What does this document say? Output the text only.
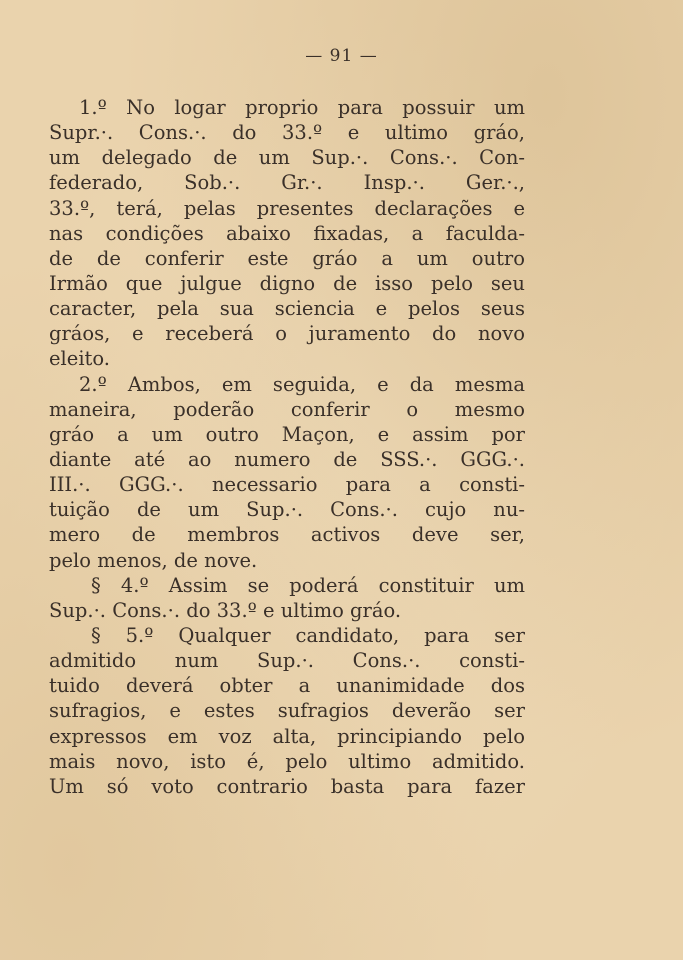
— 91 —
1.º No logar proprio para possuir um
Supr.·. Cons.·. do 33.º e ultimo gráo,
um delegado de um Sup.·. Cons.·. Con-
federado, Sob.·. Gr.·. Insp.·. Ger.·.,
33.º, terá, pelas presentes declarações e
nas condições abaixo fixadas, a faculda-
de de conferir este gráo a um outro
Irmão que julgue digno de isso pelo seu
caracter, pela sua sciencia e pelos seus
gráos, e receberá o juramento do novo
eleito.
2.º Ambos, em seguida, e da mesma
maneira, poderão conferir o mesmo
gráo a um outro Maçon, e assim por
diante até ao numero de SSS.·. GGG.·.
III.·. GGG.·. necessario para a consti-
tuição de um Sup.·. Cons.·. cujo nu-
mero de membros activos deve ser,
pelo menos, de nove.
§ 4.º Assim se poderá constituir um
Sup.·. Cons.·. do 33.º e ultimo gráo.
§ 5.º Qualquer candidato, para ser
admitido num Sup.·. Cons.·. consti-
tuido deverá obter a unanimidade dos
sufragios, e estes sufragios deverão ser
expressos em voz alta, principiando pelo
mais novo, isto é, pelo ultimo admitido.
Um só voto contrario basta para fazer
